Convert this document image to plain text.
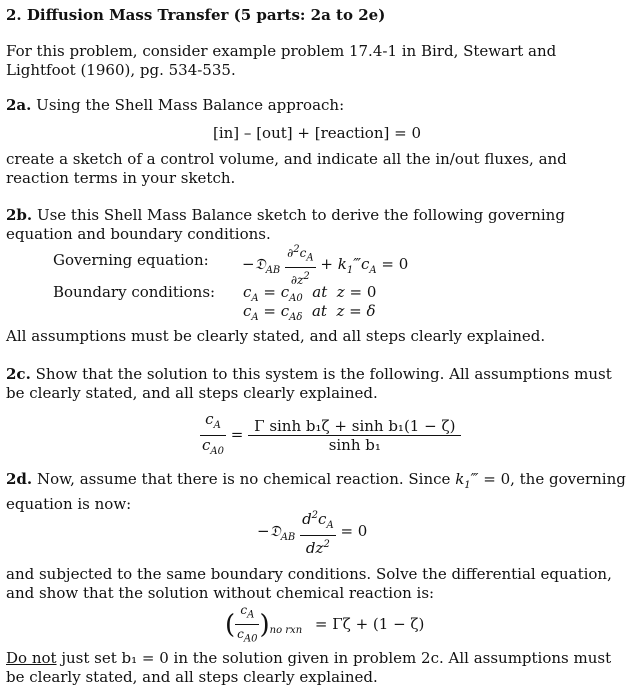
2. Diffusion Mass Transfer (5 parts: 2a to 2e)
For this problem, consider example problem 17.4-1 in Bird, Stewart and Lightfoot (1960), pg. 534-535.
2a. Using the Shell Mass Balance approach:
[in] – [out] + [reaction] = 0
create a sketch of a control volume, and indicate all the in/out fluxes, and reaction terms in your sketch.
2b. Use this Shell Mass Balance sketch to derive the following governing equation and boundary conditions.
Governing equation: −𝔇$_{AB}$ $\frac{\partial^2c_A}{\partial z^2}$ + $k_1‴c_A = 0$
Boundary conditions: $c_A = c_{A0}$  at  z = 0
$c_A = c_{A\delta}$  at  z = δ
All assumptions must be clearly stated, and all steps clearly explained.
2c. Show that the solution to this system is the following. All assumptions must be clearly stated, and all steps clearly explained.
$\frac{c_A}{c_{A0}} = \frac{\text{Γ sinh b₁ζ + sinh b₁(1 − ζ)}}{\text{sinh b₁}}$
2d. Now, assume that there is no chemical reaction. Since $k_1‴ = 0$, the governing equation is now:
−𝔇$_{AB}$ $\frac{d^2c_A}{dz^2} = 0$
and subjected to the same boundary conditions. Solve the differential equation, and show that the solution without chemical reaction is:
( $\frac{c_A}{c_{A0}} )_{no rxn} = \Gamma\zeta + (1 - \zeta)$
Do not just set b₁ = 0 in the solution given in problem 2c. All assumptions must be clearly stated, and all steps clearly explained.
